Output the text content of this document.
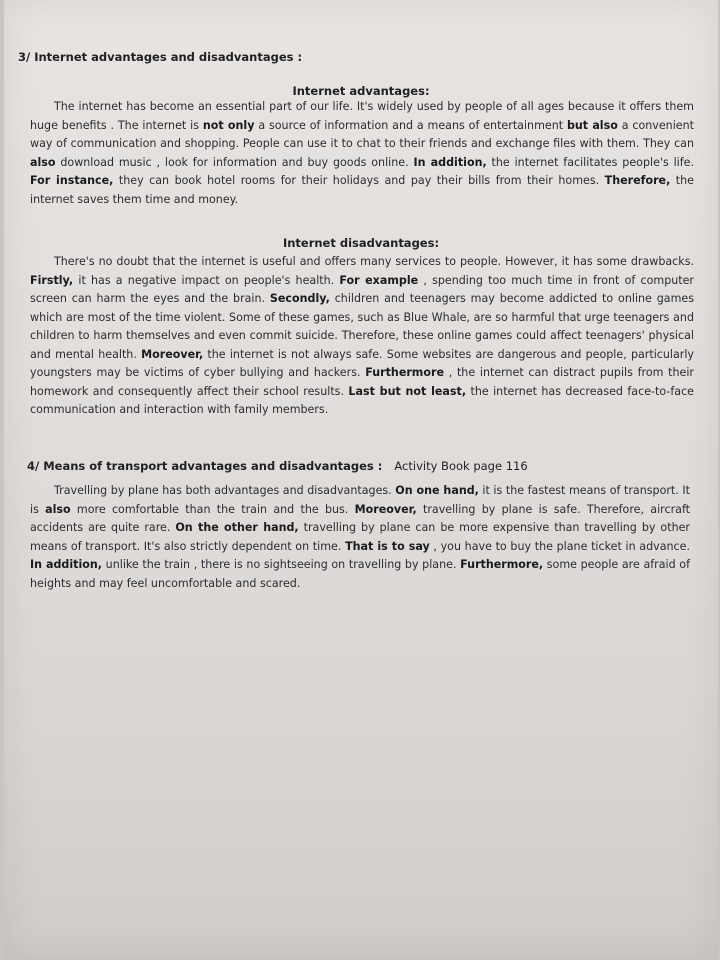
3/ Internet advantages and disadvantages :
Internet advantages:
The internet has become an essential part of our life. It's widely used by people of all ages because it offers them huge benefits . The internet is not only a source of information and a means of entertainment but also a convenient way of communication and shopping. People can use it to chat to their friends and exchange files with them. They can also download music , look for information and buy goods online. In addition, the internet facilitates people's life. For instance, they can book hotel rooms for their holidays and pay their bills from their homes. Therefore, the internet saves them time and money.
Internet disadvantages:
There's no doubt that the internet is useful and offers many services to people. However, it has some drawbacks. Firstly, it has a negative impact on people's health. For example , spending too much time in front of computer screen can harm the eyes and the brain. Secondly, children and teenagers may become addicted to online games which are most of the time violent. Some of these games, such as Blue Whale, are so harmful that urge teenagers and children to harm themselves and even commit suicide. Therefore, these online games could affect teenagers' physical and mental health. Moreover, the internet is not always safe. Some websites are dangerous and people, particularly youngsters may be victims of cyber bullying and hackers. Furthermore , the internet can distract pupils from their homework and consequently affect their school results. Last but not least, the internet has decreased face-to-face communication and interaction with family members.
4/ Means of transport advantages and disadvantages : Activity Book page 116
Travelling by plane has both advantages and disadvantages. On one hand, it is the fastest means of transport. It is also more comfortable than the train and the bus. Moreover, travelling by plane is safe. Therefore, aircraft accidents are quite rare. On the other hand, travelling by plane can be more expensive than travelling by other means of transport. It's also strictly dependent on time. That is to say , you have to buy the plane ticket in advance. In addition, unlike the train , there is no sightseeing on travelling by plane. Furthermore, some people are afraid of heights and may feel uncomfortable and scared.
